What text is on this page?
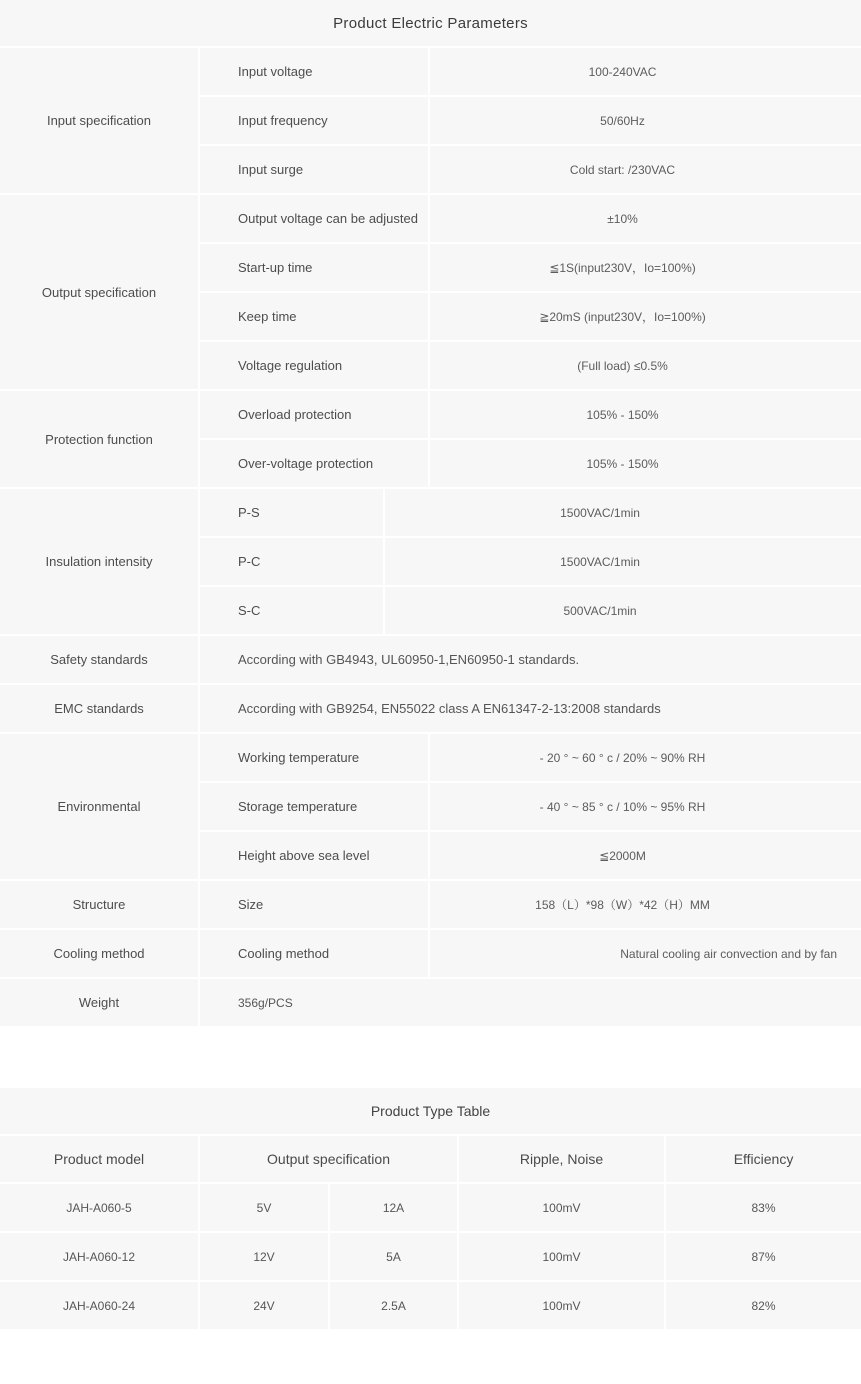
Product Electric Parameters			
Input specification	Input voltage		100-240VAC
	Input frequency		50/60Hz
	Input surge		Cold start: /230VAC
Output specification	Output voltage can be adjusted		±10%
	Start-up time		≦1S(input230V，Io=100%)
	Keep time		≧20mS (input230V，Io=100%)
	Voltage regulation		(Full load) ≤0.5%
Protection function	Overload protection		105% - 150%
	Over-voltage protection		105% - 150%
Insulation intensity	P-S	1500VAC/1min	
	P-C	1500VAC/1min	
	S-C	500VAC/1min	
Safety standards	According with GB4943, UL60950-1,EN60950-1 standards.		
EMC standards	According with GB9254, EN55022 class A EN61347-2-13:2008 standards		
Environmental	Working temperature		- 20 ° ~ 60 ° c / 20% ~ 90% RH
	Storage temperature		- 40 ° ~ 85 ° c / 10% ~ 95% RH
	Height above sea level		≦2000M
Structure	Size		158（L）*98（W）*42（H）MM
Cooling method	Cooling method		Natural cooling air convection and by fan
Weight	356g/PCS		
Product Type Table				
Product model	Output specification		Ripple, Noise	Efficiency
JAH-A060-5	5V	12A	100mV	83%
JAH-A060-12	12V	5A	100mV	87%
JAH-A060-24	24V	2.5A	100mV	82%
